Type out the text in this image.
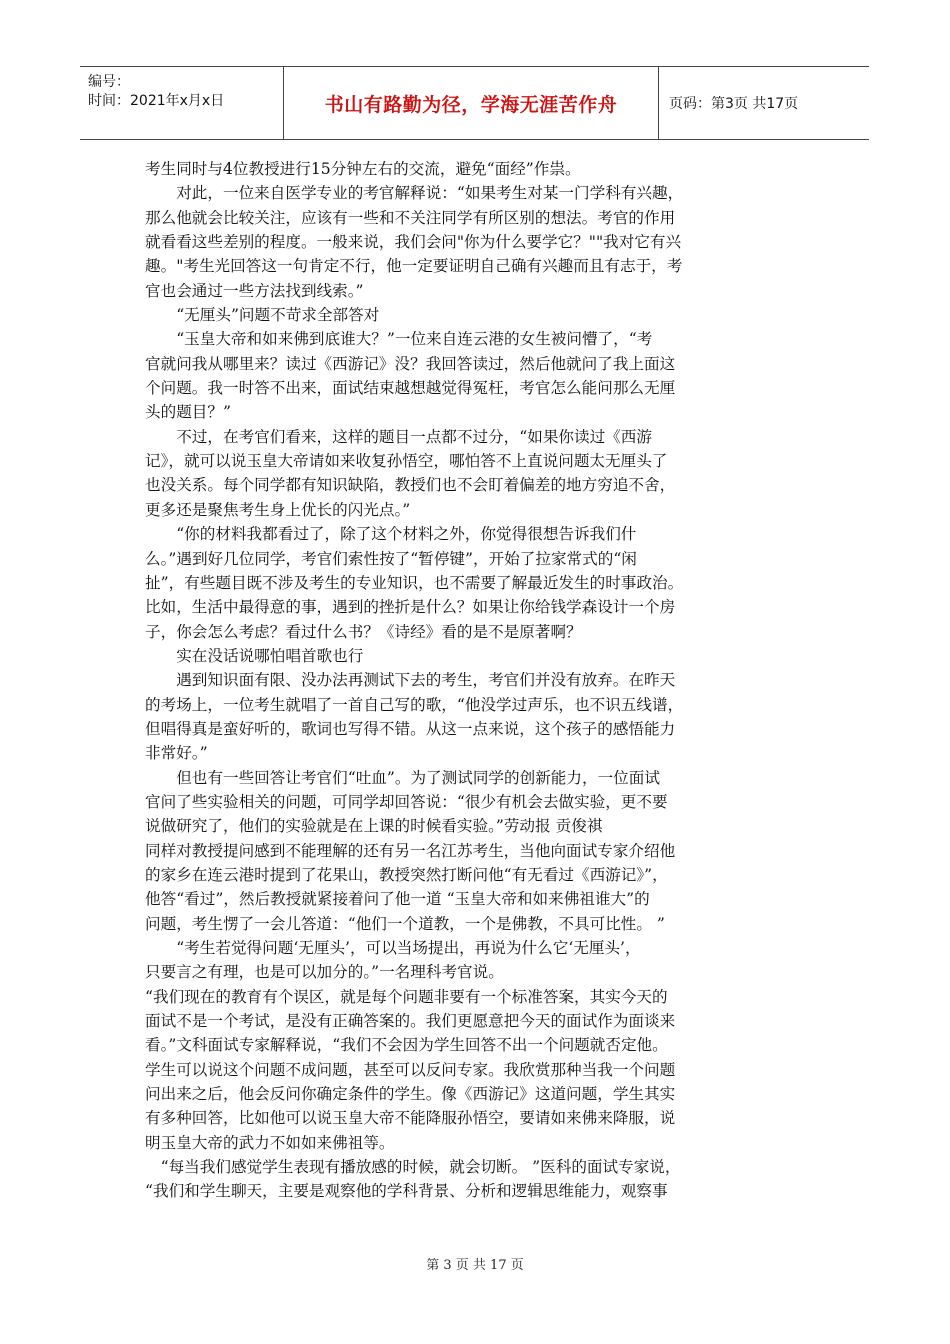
编号：
时间：2021年x月x日	书山有路勤为径，学海无涯苦作舟	页码：第3页 共17页

考生同时与4位教授进行15分钟左右的交流，避免“面经”作祟。

　　对此，一位来自医学专业的考官解释说：“如果考生对某一门学科有兴趣，

那么他就会比较关注，应该有一些和不关注同学有所区别的想法。考官的作用

就看看这些差别的程度。一般来说，我们会问"你为什么要学它？""我对它有兴

趣。"考生光回答这一句肯定不行，他一定要证明自己确有兴趣而且有志于，考

官也会通过一些方法找到线索。”

　　“无厘头”问题不苛求全部答对

　　“玉皇大帝和如来佛到底谁大？”一位来自连云港的女生被问懵了，“考

官就问我从哪里来？读过《西游记》没？我回答读过，然后他就问了我上面这

个问题。我一时答不出来，面试结束越想越觉得冤枉，考官怎么能问那么无厘

头的题目？”

　　不过，在考官们看来，这样的题目一点都不过分，“如果你读过《西游

记》，就可以说玉皇大帝请如来收复孙悟空，哪怕答不上直说问题太无厘头了

也没关系。每个同学都有知识缺陷，教授们也不会盯着偏差的地方穷追不舍，

更多还是聚焦考生身上优长的闪光点。”

　　“你的材料我都看过了，除了这个材料之外，你觉得很想告诉我们什

么。”遇到好几位同学，考官们索性按了“暂停键”，开始了拉家常式的“闲

扯”，有些题目既不涉及考生的专业知识，也不需要了解最近发生的时事政治。

比如，生活中最得意的事，遇到的挫折是什么？如果让你给钱学森设计一个房

子，你会怎么考虑？看过什么书？《诗经》看的是不是原著啊？

　　实在没话说哪怕唱首歌也行

　　遇到知识面有限、没办法再测试下去的考生，考官们并没有放弃。在昨天

的考场上，一位考生就唱了一首自己写的歌，“他没学过声乐，也不识五线谱，

但唱得真是蛮好听的，歌词也写得不错。从这一点来说，这个孩子的感悟能力

非常好。”

　　但也有一些回答让考官们“吐血”。为了测试同学的创新能力，一位面试

官问了些实验相关的问题，可同学却回答说：“很少有机会去做实验，更不要

说做研究了，他们的实验就是在上课的时候看实验。”劳动报 贡俊祺

同样对教授提问感到不能理解的还有另一名江苏考生，当他向面试专家介绍他

的家乡在连云港时提到了花果山，教授突然打断问他“有无看过《西游记》”，

他答“看过”，然后教授就紧接着问了他一道 “玉皇大帝和如来佛祖谁大”的

问题，考生愣了一会儿答道：“他们一个道教，一个是佛教，不具可比性。 ”

　　“考生若觉得问题‘无厘头’，可以当场提出，再说为什么它‘无厘头’，

只要言之有理，也是可以加分的。”一名理科考官说。

“我们现在的教育有个误区，就是每个问题非要有一个标准答案，其实今天的

面试不是一个考试，是没有正确答案的。我们更愿意把今天的面试作为面谈来

看。”文科面试专家解释说，“我们不会因为学生回答不出一个问题就否定他。

学生可以说这个问题不成问题，甚至可以反问专家。我欣赏那种当我一个问题

问出来之后，他会反问你确定条件的学生。像《西游记》这道问题，学生其实

有多种回答，比如他可以说玉皇大帝不能降服孙悟空，要请如来佛来降服，说

明玉皇大帝的武力不如如来佛祖等。

　“每当我们感觉学生表现有播放感的时候，就会切断。 ”医科的面试专家说，

“我们和学生聊天，主要是观察他的学科背景、分析和逻辑思维能力，观察事

第 3 页 共 17 页
